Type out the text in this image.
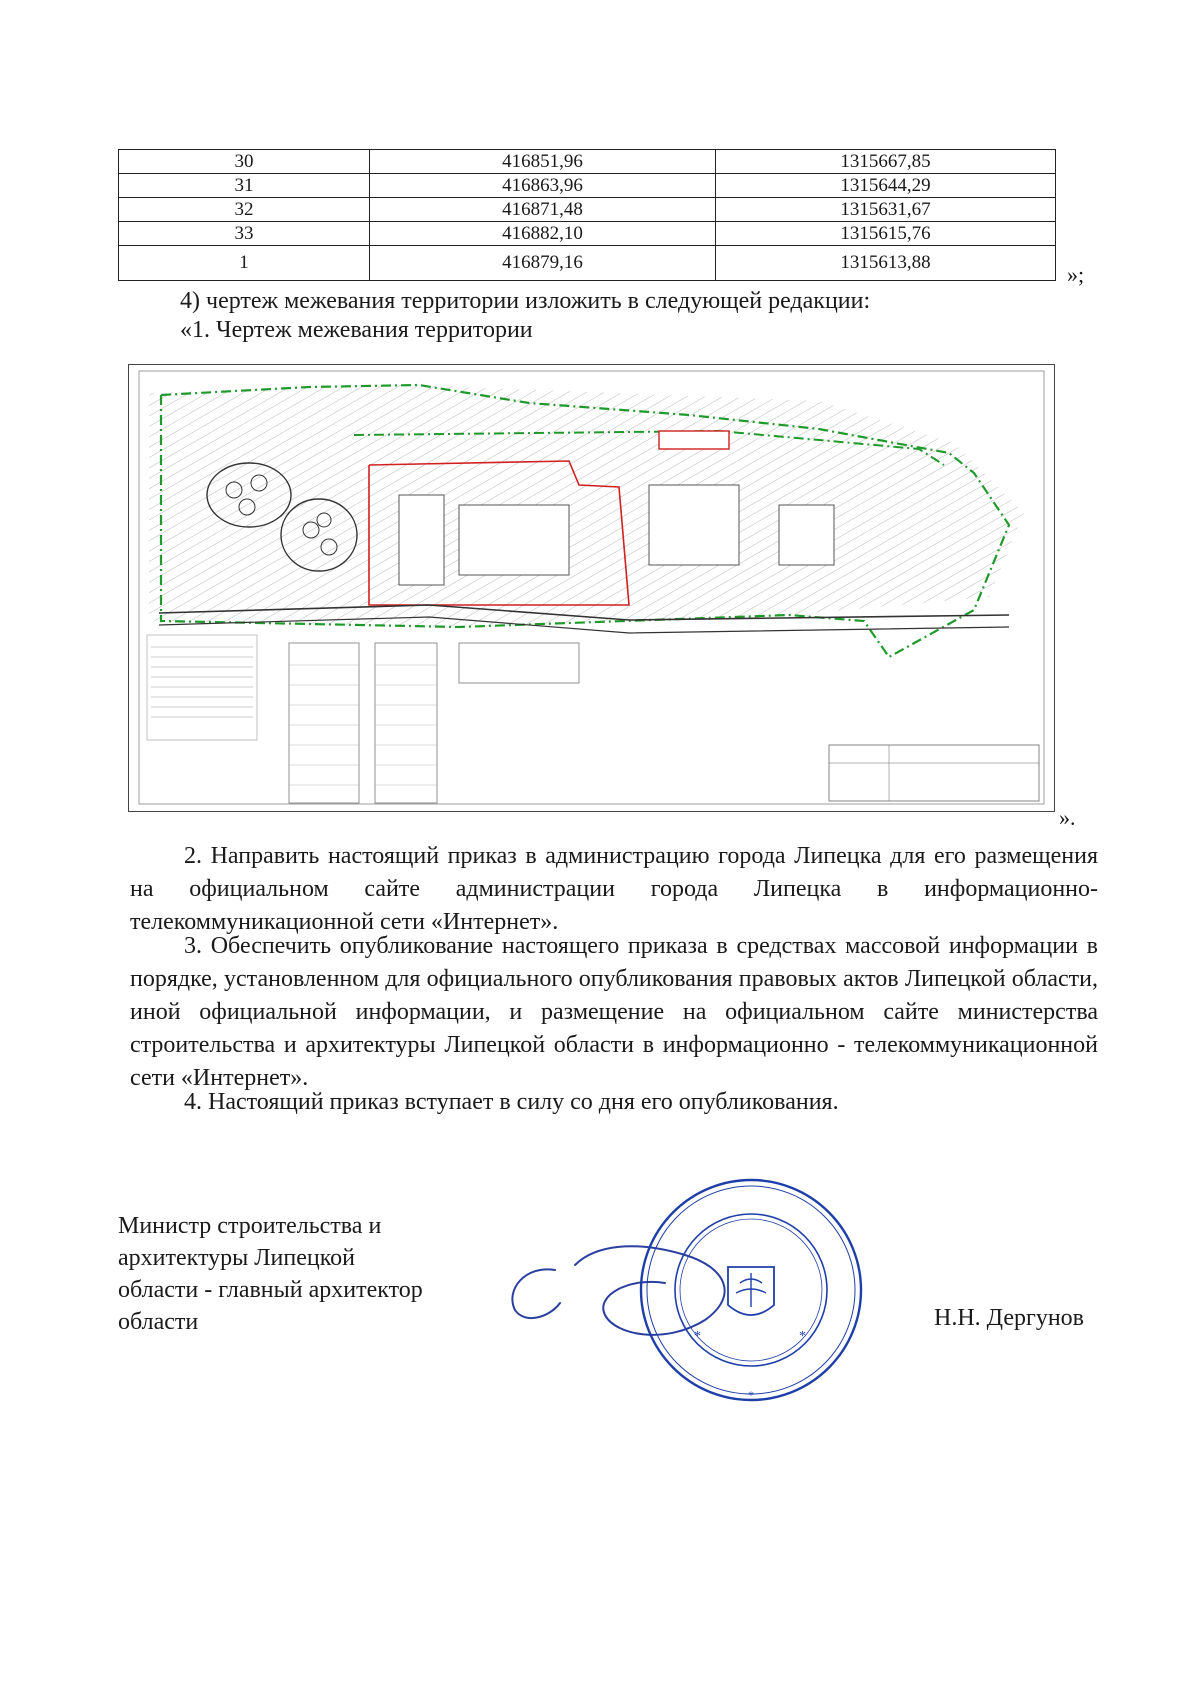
30	416851,96	1315667,85
31	416863,96	1315644,29
32	416871,48	1315631,67
33	416882,10	1315615,76
1	416879,16	1315613,88	»;
4) чертеж межевания территории изложить в следующей редакции:
«1. Чертеж межевания территории
».

2. Направить настоящий приказ в администрацию города Липецка для его размещения на официальном сайте администрации города Липецка в информационно-телекоммуникационной сети «Интернет».

3. Обеспечить опубликование настоящего приказа в средствах массовой информации в порядке, установленном для официального опубликования правовых актов Липецкой области, иной официальной информации, и размещение на официальном сайте министерства строительства и архитектуры Липецкой области в информационно - телекоммуникационной сети «Интернет».

4. Настоящий приказ вступает в силу со дня его опубликования.

Министр строительства и
архитектуры Липецкой
области - главный архитектор
области	Н.Н. Дергунов
*	*
*
